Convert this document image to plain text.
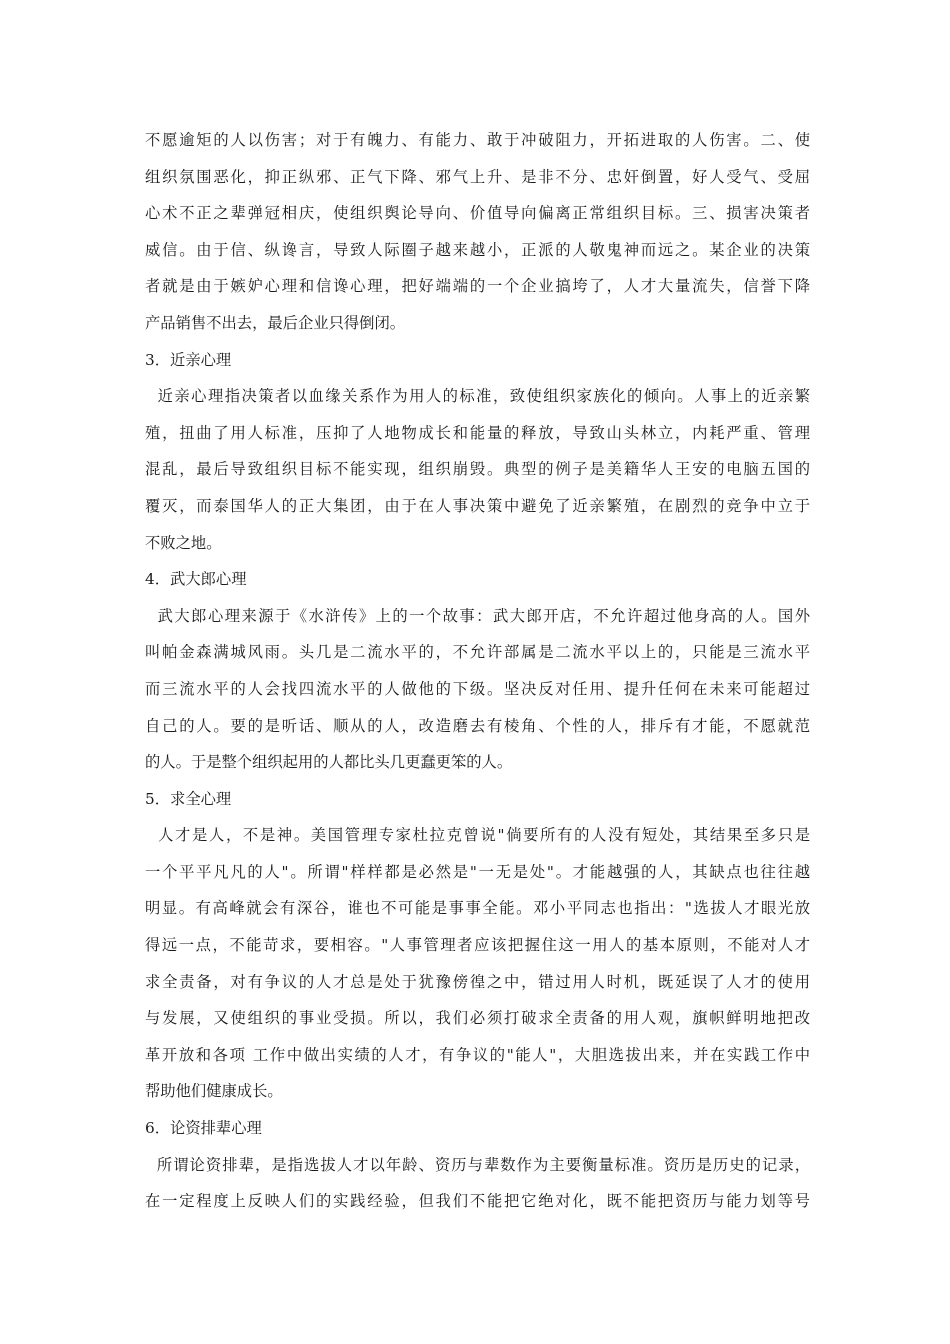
不愿逾矩的人以伤害；对于有魄力、有能力、敢于冲破阻力，开拓进取的人伤害。二、使
组织氛围恶化，抑正纵邪、正气下降、邪气上升、是非不分、忠奸倒置，好人受气、受屈
心术不正之辈弹冠相庆，使组织舆论导向、价值导向偏离正常组织目标。三、损害决策者
威信。由于信、纵谗言，导致人际圈子越来越小，正派的人敬鬼神而远之。某企业的决策
者就是由于嫉妒心理和信谗心理，把好端端的一个企业搞垮了，人才大量流失，信誉下降
产品销售不出去，最后企业只得倒闭。
3．近亲心理
近亲心理指决策者以血缘关系作为用人的标准，致使组织家族化的倾向。人事上的近亲繁
殖，扭曲了用人标准，压抑了人地物成长和能量的释放，导致山头林立，内耗严重、管理
混乱，最后导致组织目标不能实现，组织崩毁。典型的例子是美籍华人王安的电脑五国的
覆灭，而泰国华人的正大集团，由于在人事决策中避免了近亲繁殖，在剧烈的竞争中立于
不败之地。
4．武大郎心理
武大郎心理来源于《水浒传》上的一个故事：武大郎开店，不允许超过他身高的人。国外
叫帕金森满城风雨。头几是二流水平的，不允许部属是二流水平以上的，只能是三流水平
而三流水平的人会找四流水平的人做他的下级。坚决反对任用、提升任何在未来可能超过
自己的人。要的是听话、顺从的人，改造磨去有棱角、个性的人，排斥有才能，不愿就范
的人。于是整个组织起用的人都比头几更蠢更笨的人。
5．求全心理
人才是人，不是神。美国管理专家杜拉克曾说"倘要所有的人没有短处，其结果至多只是
一个平平凡凡的人"。所谓"样样都是必然是"一无是处"。才能越强的人，其缺点也往往越
明显。有高峰就会有深谷，谁也不可能是事事全能。邓小平同志也指出："选拔人才眼光放
得远一点，不能苛求，要相容。"人事管理者应该把握住这一用人的基本原则，不能对人才
求全责备，对有争议的人才总是处于犹豫傍徨之中，错过用人时机，既延误了人才的使用
与发展，又使组织的事业受损。所以，我们必须打破求全责备的用人观，旗帜鲜明地把改
革开放和各项 工作中做出实绩的人才，有争议的"能人"，大胆选拔出来，并在实践工作中
帮助他们健康成长。
6．论资排辈心理
所谓论资排辈，是指选拔人才以年龄、资历与辈数作为主要衡量标准。资历是历史的记录，
在一定程度上反映人们的实践经验，但我们不能把它绝对化，既不能把资历与能力划等号
